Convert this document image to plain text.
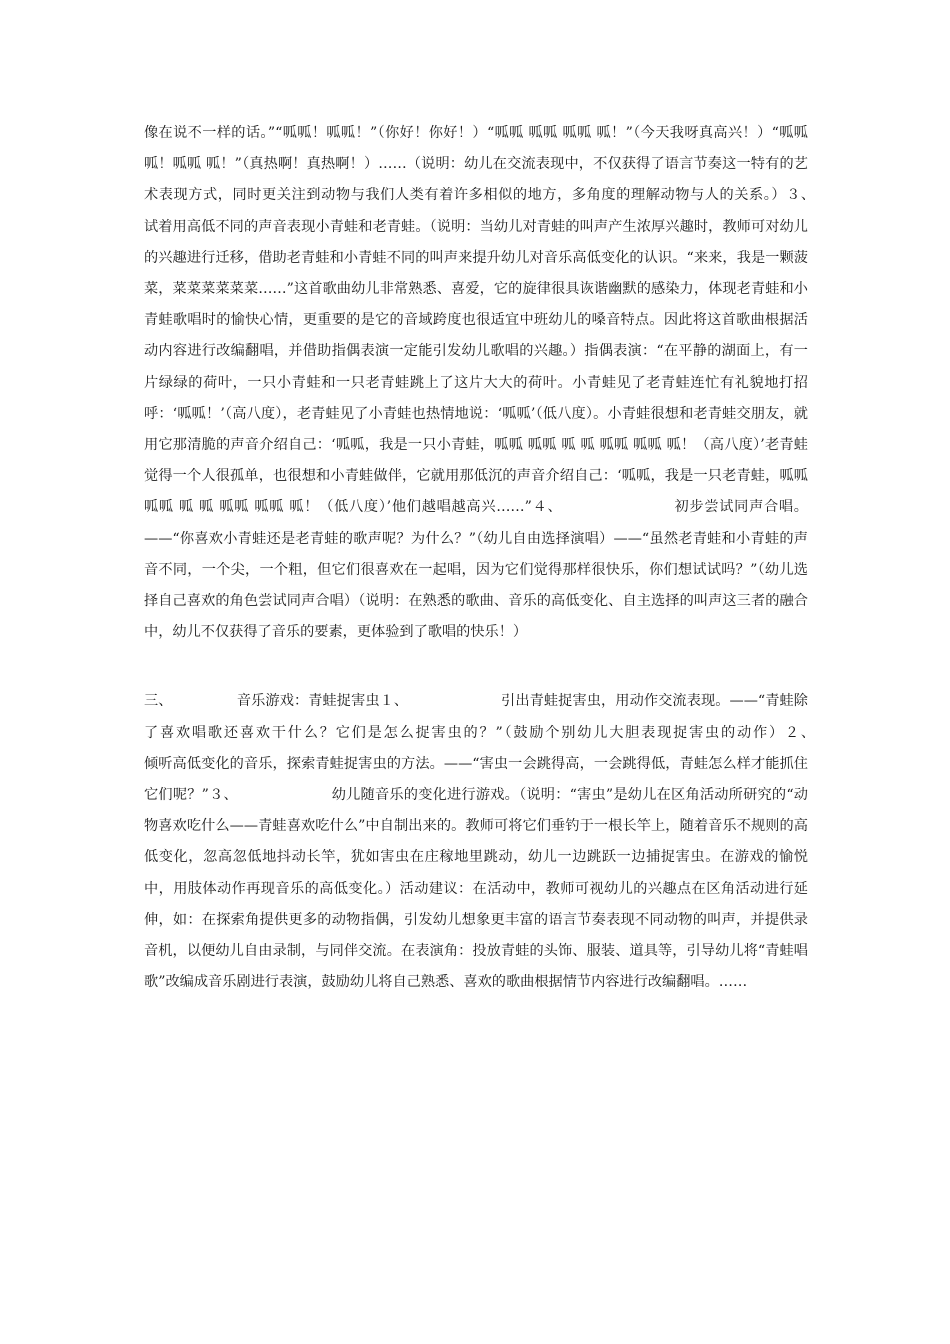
像在说不一样的话。”“呱呱！呱呱！”（你好！你好！）“呱呱 呱呱 呱呱 呱！”（今天我呀真高兴！）“呱呱 呱！呱呱 呱！”（真热啊！真热啊！）……（说明：幼儿在交流表现中，不仅获得了语言节奏这一特有的艺术表现方式，同时更关注到动物与我们人类有着许多相似的地方，多角度的理解动物与人的关系。）３、　　　　　　　试着用高低不同的声音表现小青蛙和老青蛙。（说明：当幼儿对青蛙的叫声产生浓厚兴趣时，教师可对幼儿的兴趣进行迁移，借助老青蛙和小青蛙不同的叫声来提升幼儿对音乐高低变化的认识。“来来，我是一颗菠菜，菜菜菜菜菜菜……”这首歌曲幼儿非常熟悉、喜爱，它的旋律很具诙谐幽默的感染力，体现老青蛙和小青蛙歌唱时的愉快心情，更重要的是它的音域跨度也很适宜中班幼儿的嗓音特点。因此将这首歌曲根据活动内容进行改编翻唱，并借助指偶表演一定能引发幼儿歌唱的兴趣。）指偶表演：“在平静的湖面上，有一片绿绿的荷叶，一只小青蛙和一只老青蛙跳上了这片大大的荷叶。小青蛙见了老青蛙连忙有礼貌地打招呼：‘呱呱！’（高八度），老青蛙见了小青蛙也热情地说：‘呱呱’（低八度）。小青蛙很想和老青蛙交朋友，就用它那清脆的声音介绍自己：‘呱呱，我是一只小青蛙，呱呱 呱呱 呱 呱 呱呱 呱呱 呱！（高八度）’老青蛙觉得一个人很孤单，也很想和小青蛙做伴，它就用那低沉的声音介绍自己：‘呱呱，我是一只老青蛙，呱呱 呱呱 呱 呱 呱呱 呱呱 呱！（低八度）’他们越唱越高兴……”４、　　　　　　　　初步尝试同声合唱。——“你喜欢小青蛙还是老青蛙的歌声呢？为什么？”（幼儿自由选择演唱）——“虽然老青蛙和小青蛙的声音不同，一个尖，一个粗，但它们很喜欢在一起唱，因为它们觉得那样很快乐，你们想试试吗？”（幼儿选择自己喜欢的角色尝试同声合唱）（说明：在熟悉的歌曲、音乐的高低变化、自主选择的叫声这三者的融合中，幼儿不仅获得了音乐的要素，更体验到了歌唱的快乐！）

三、　　　　　音乐游戏：青蛙捉害虫１、　　　　　　　引出青蛙捉害虫，用动作交流表现。——“青蛙除了喜欢唱歌还喜欢干什么？它们是怎么捉害虫的？”（鼓励个别幼儿大胆表现捉害虫的动作）２、　　　　　　　倾听高低变化的音乐，探索青蛙捉害虫的方法。——“害虫一会跳得高，一会跳得低，青蛙怎么样才能抓住它们呢？”３、　　　　　　　幼儿随音乐的变化进行游戏。（说明：“害虫”是幼儿在区角活动所研究的“动物喜欢吃什么——青蛙喜欢吃什么”中自制出来的。教师可将它们垂钓于一根长竿上，随着音乐不规则的高低变化，忽高忽低地抖动长竿，犹如害虫在庄稼地里跳动，幼儿一边跳跃一边捕捉害虫。在游戏的愉悦中，用肢体动作再现音乐的高低变化。）活动建议：在活动中，教师可视幼儿的兴趣点在区角活动进行延伸，如：在探索角提供更多的动物指偶，引发幼儿想象更丰富的语言节奏表现不同动物的叫声，并提供录音机，以便幼儿自由录制，与同伴交流。在表演角：投放青蛙的头饰、服装、道具等，引导幼儿将“青蛙唱歌”改编成音乐剧进行表演，鼓励幼儿将自己熟悉、喜欢的歌曲根据情节内容进行改编翻唱。……
